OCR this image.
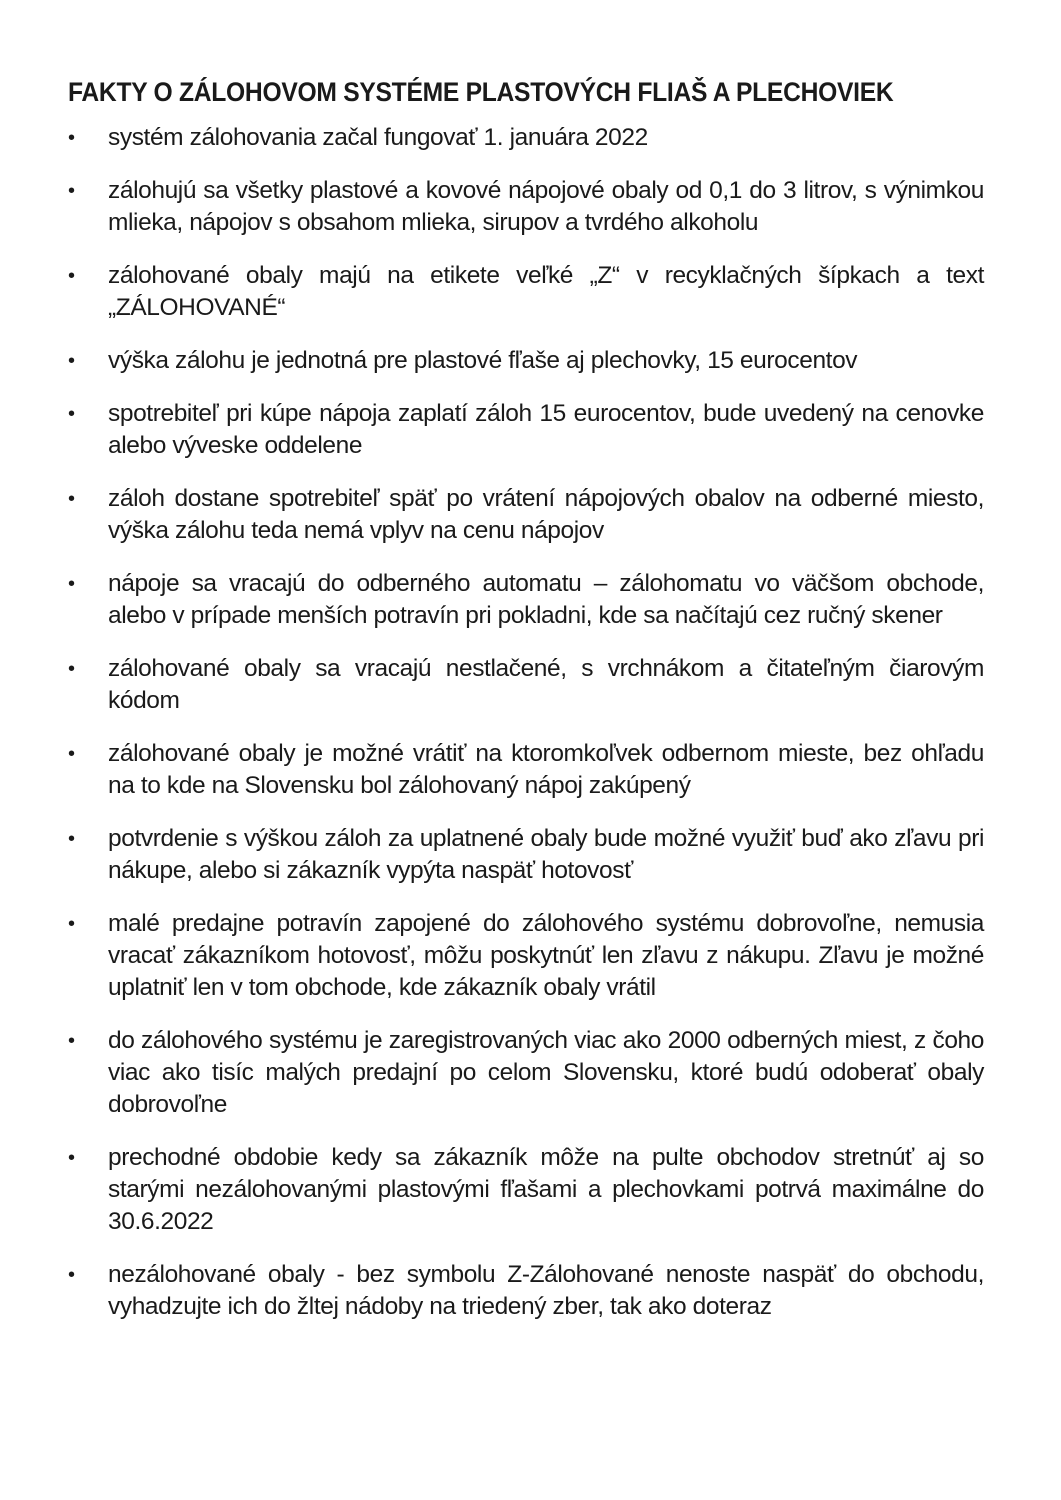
FAKTY O ZÁLOHOVOM SYSTÉME PLASTOVÝCH FLIAŠ A PLECHOVIEK
• systém zálohovania začal fungovať 1. januára 2022
• zálohujú sa všetky plastové a kovové nápojové obaly od 0,1 do 3 litrov, s výnimkou mlieka, nápojov s obsahom mlieka, sirupov a tvrdého alkoholu
• zálohované obaly majú na etikete veľké „Z“ v recyklačných šípkach a text „ZÁLOHOVANÉ“
• výška zálohu je jednotná pre plastové fľaše aj plechovky, 15 eurocentov
• spotrebiteľ pri kúpe nápoja zaplatí záloh 15 eurocentov, bude uvedený na cenovke alebo výveske oddelene
• záloh dostane spotrebiteľ späť po vrátení nápojových obalov na odberné miesto, výška zálohu teda nemá vplyv na cenu nápojov
• nápoje sa vracajú do odberného automatu – zálohomatu vo väčšom obchode, alebo v prípade menších potravín pri pokladni, kde sa načítajú cez ručný skener
• zálohované obaly sa vracajú nestlačené, s vrchnákom a čitateľným čiarovým kódom
• zálohované obaly je možné vrátiť na ktoromkoľvek odbernom mieste, bez ohľadu na to kde na Slovensku bol zálohovaný nápoj zakúpený
• potvrdenie s výškou záloh za uplatnené obaly bude možné využiť buď ako zľavu pri nákupe, alebo si zákazník vypýta naspäť hotovosť
• malé predajne potravín zapojené do zálohového systému dobrovoľne, nemusia vracať zákazníkom hotovosť, môžu poskytnúť len zľavu z nákupu. Zľavu je možné uplatniť len v tom obchode, kde zákazník obaly vrátil
• do zálohového systému je zaregistrovaných viac ako 2000 odberných miest, z čoho viac ako tisíc malých predajní po celom Slovensku, ktoré budú odoberať obaly dobrovoľne
• prechodné obdobie kedy sa zákazník môže na pulte obchodov stretnúť aj so starými nezálohovanými plastovými fľašami a plechovkami potrvá maximálne do 30.6.2022
• nezálohované obaly - bez symbolu Z-Zálohované nenoste naspäť do obchodu, vyhadzujte ich do žltej nádoby na triedený zber, tak ako doteraz
